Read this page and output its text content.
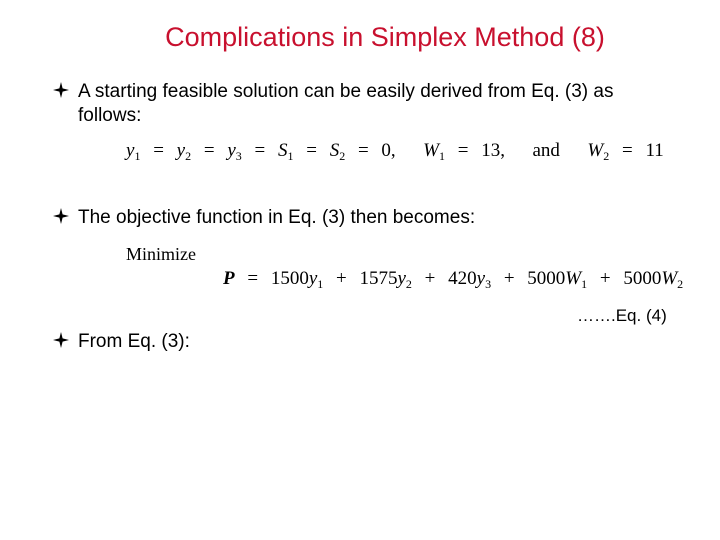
Complications in Simplex Method (8)
A starting feasible solution can be easily derived from Eq. (3) as
follows:
$y_1 = y_2 = y_3 = S_1 = S_2 = 0$, $W_1 = 13$, and $W_2 = 11$
The objective function in Eq. (3) then becomes:
Minimize
$P = 1500y_1 + 1575y_2 + 420y_3 + 5000W_1 + 5000W_2$
…….Eq. (4)
From Eq. (3):
